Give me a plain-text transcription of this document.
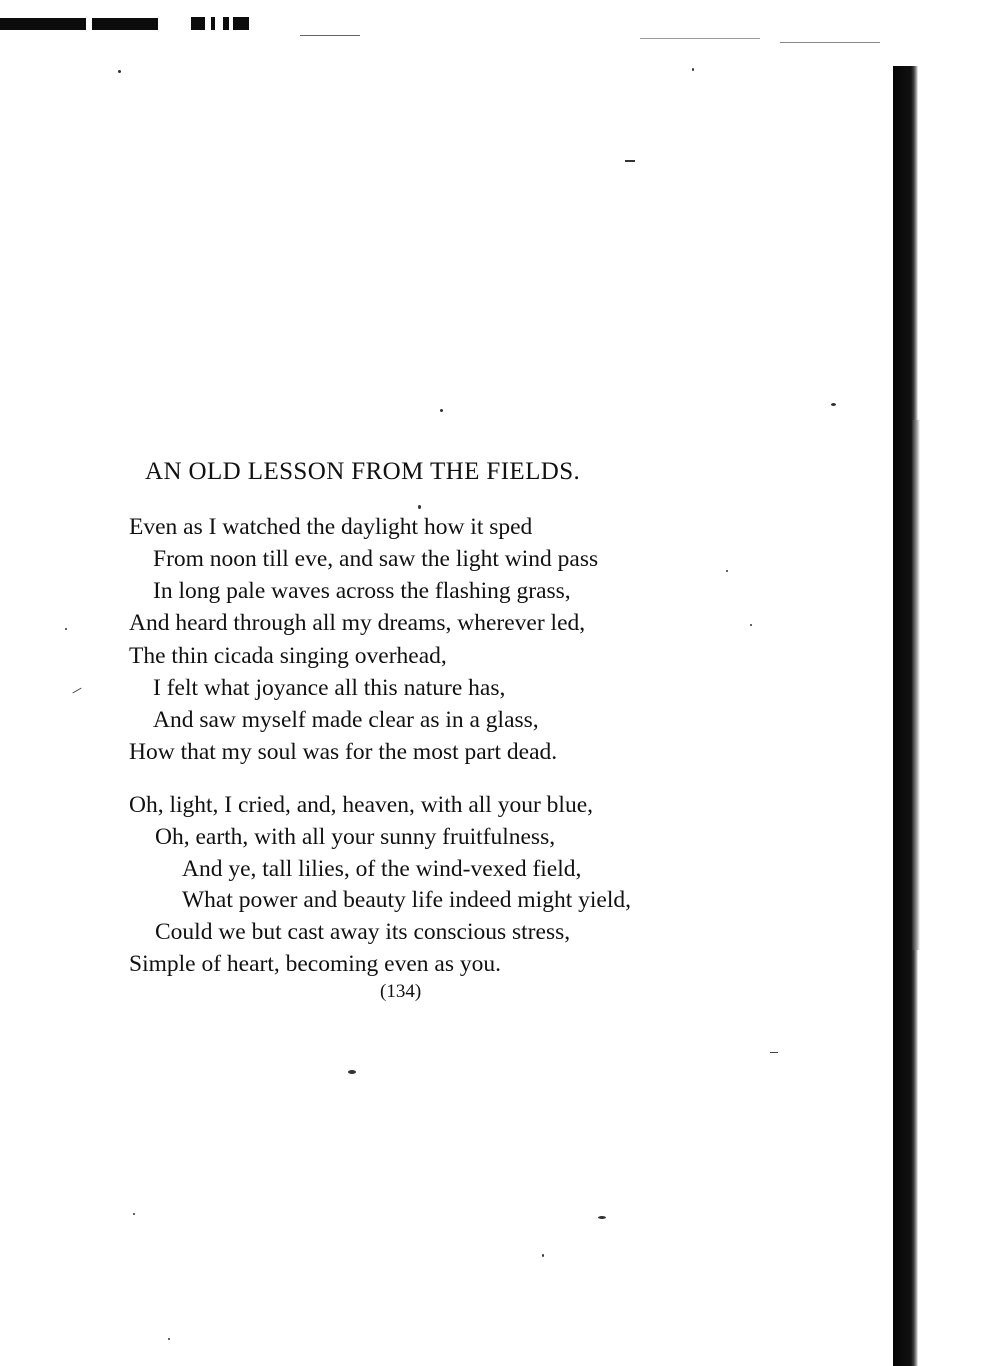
AN OLD LESSON FROM THE FIELDS.
Even as I watched the daylight how it sped
From noon till eve, and saw the light wind pass
In long pale waves across the flashing grass,
And heard through all my dreams, wherever led,
The thin cicada singing overhead,
I felt what joyance all this nature has,
And saw myself made clear as in a glass,
How that my soul was for the most part dead.
Oh, light, I cried, and, heaven, with all your blue,
Oh, earth, with all your sunny fruitfulness,
And ye, tall lilies, of the wind-vexed field,
What power and beauty life indeed might yield,
Could we but cast away its conscious stress,
Simple of heart, becoming even as you.
(134)
